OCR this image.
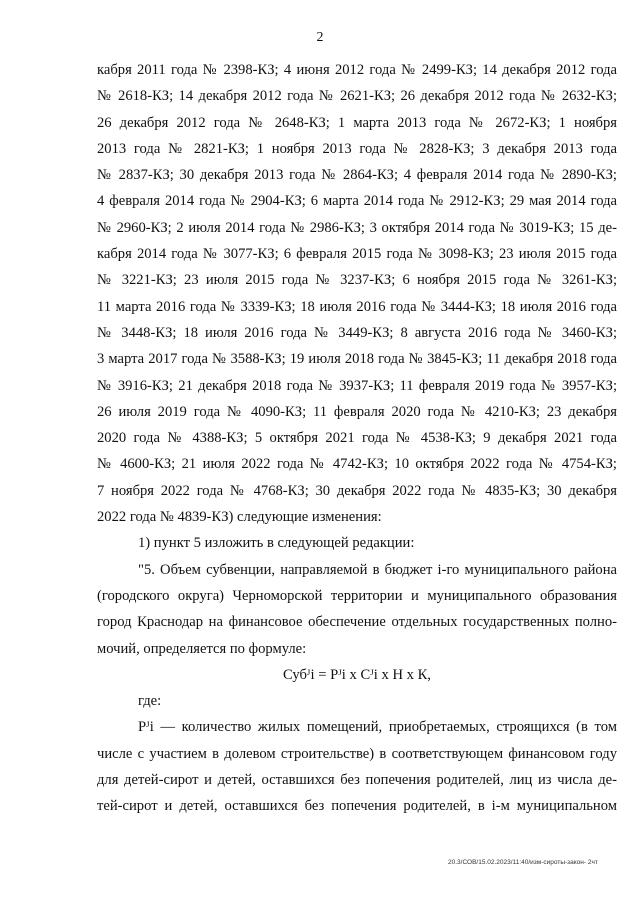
2
кабря 2011 года № 2398-КЗ; 4 июня 2012 года № 2499-КЗ; 14 декабря 2012 года
№ 2618-КЗ; 14 декабря 2012 года № 2621-КЗ; 26 декабря 2012 года № 2632-КЗ;
26 декабря 2012 года № 2648-КЗ; 1 марта 2013 года № 2672-КЗ; 1 ноября
2013 года № 2821-КЗ; 1 ноября 2013 года № 2828-КЗ; 3 декабря 2013 года
№ 2837-КЗ; 30 декабря 2013 года № 2864-КЗ; 4 февраля 2014 года № 2890-КЗ;
4 февраля 2014 года № 2904-КЗ; 6 марта 2014 года № 2912-КЗ; 29 мая 2014 года
№ 2960-КЗ; 2 июля 2014 года № 2986-КЗ; 3 октября 2014 года № 3019-КЗ; 15 де-
кабря 2014 года № 3077-КЗ; 6 февраля 2015 года № 3098-КЗ; 23 июля 2015 года
№ 3221-КЗ; 23 июля 2015 года № 3237-КЗ; 6 ноября 2015 года № 3261-КЗ;
11 марта 2016 года № 3339-КЗ; 18 июля 2016 года № 3444-КЗ; 18 июля 2016 года
№ 3448-КЗ; 18 июля 2016 года № 3449-КЗ; 8 августа 2016 года № 3460-КЗ;
3 марта 2017 года № 3588-КЗ; 19 июля 2018 года № 3845-КЗ; 11 декабря 2018 года
№ 3916-КЗ; 21 декабря 2018 года № 3937-КЗ; 11 февраля 2019 года № 3957-КЗ;
26 июля 2019 года № 4090-КЗ; 11 февраля 2020 года № 4210-КЗ; 23 декабря
2020 года № 4388-КЗ; 5 октября 2021 года № 4538-КЗ; 9 декабря 2021 года
№ 4600-КЗ; 21 июля 2022 года № 4742-КЗ; 10 октября 2022 года № 4754-КЗ;
7 ноября 2022 года № 4768-КЗ; 30 декабря 2022 года № 4835-КЗ; 30 декабря
2022 года № 4839-КЗ) следующие изменения:
1) пункт 5 изложить в следующей редакции:
"5. Объем субвенции, направляемой в бюджет i-го муниципального района
(городского округа) Черноморской территории и муниципального образования
город Краснодар на финансовое обеспечение отдельных государственных полно-
мочий, определяется по формуле:
Субᴶi = Рᴶi х Сᴶi х Н х К,
где:
Рᴶi — количество жилых помещений, приобретаемых, строящихся (в том
числе с участием в долевом строительстве) в соответствующем финансовом году
для детей-сирот и детей, оставшихся без попечения родителей, лиц из числа де-
тей-сирот и детей, оставшихся без попечения родителей, в i-м муниципальном
20.3/СОВ/15.02.2023/11:40/изм-сироты-закон- 2чт
